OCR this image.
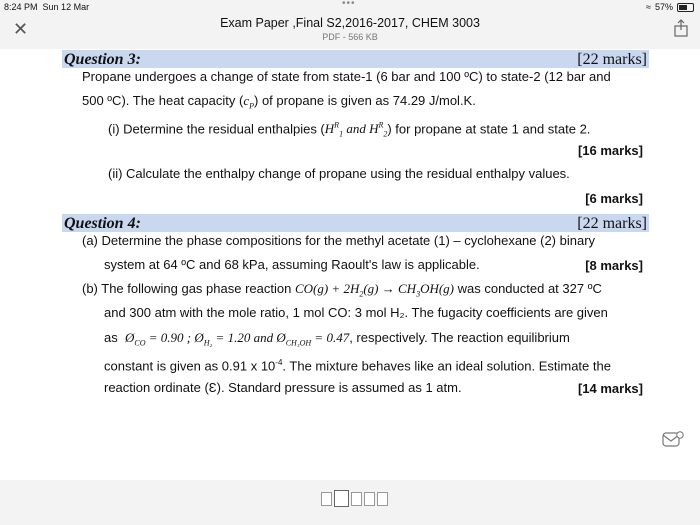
8:24 PM Sun 12 Mar	•••	≈ 57%
✕	Exam Paper ,Final S2,2016-2017, CHEM 3003
PDF - 566 KB
Question 3:	[22 marks]
Propane undergoes a change of state from state-1 (6 bar and 100 ºC) to state-2 (12 bar and
500 ºC). The heat capacity $(c_P)$ of propane is given as 74.29 J/mol.K.
(i) Determine the residual enthalpies ($H^R_1$ and $H^R_2$) for propane at state 1 and state 2.
[16 marks]
(ii) Calculate the enthalpy change of propane using the residual enthalpy values.
[6 marks]
Question 4:	[22 marks]
(a) Determine the phase compositions for the methyl acetate (1) – cyclohexane (2) binary
system at 64 ºC and 68 kPa, assuming Raoult's law is applicable.	[8 marks]
(b) The following gas phase reaction $CO(g) + 2H_2(g) \to CH_3OH(g)$ was conducted at 327 ºC
and 300 atm with the mole ratio, 1 mol CO: 3 mol H₂. The fugacity coefficients are given
as $Ø_{CO} = 0.90$ ; $Ø_{H_2} = 1.20$ and $Ø_{CH_3OH} = 0.47$, respectively. The reaction equilibrium
constant is given as 0.91 x $10^{-4}$. The mixture behaves like an ideal solution. Estimate the
reaction ordinate (Ɛ). Standard pressure is assumed as 1 atm.	[14 marks]
